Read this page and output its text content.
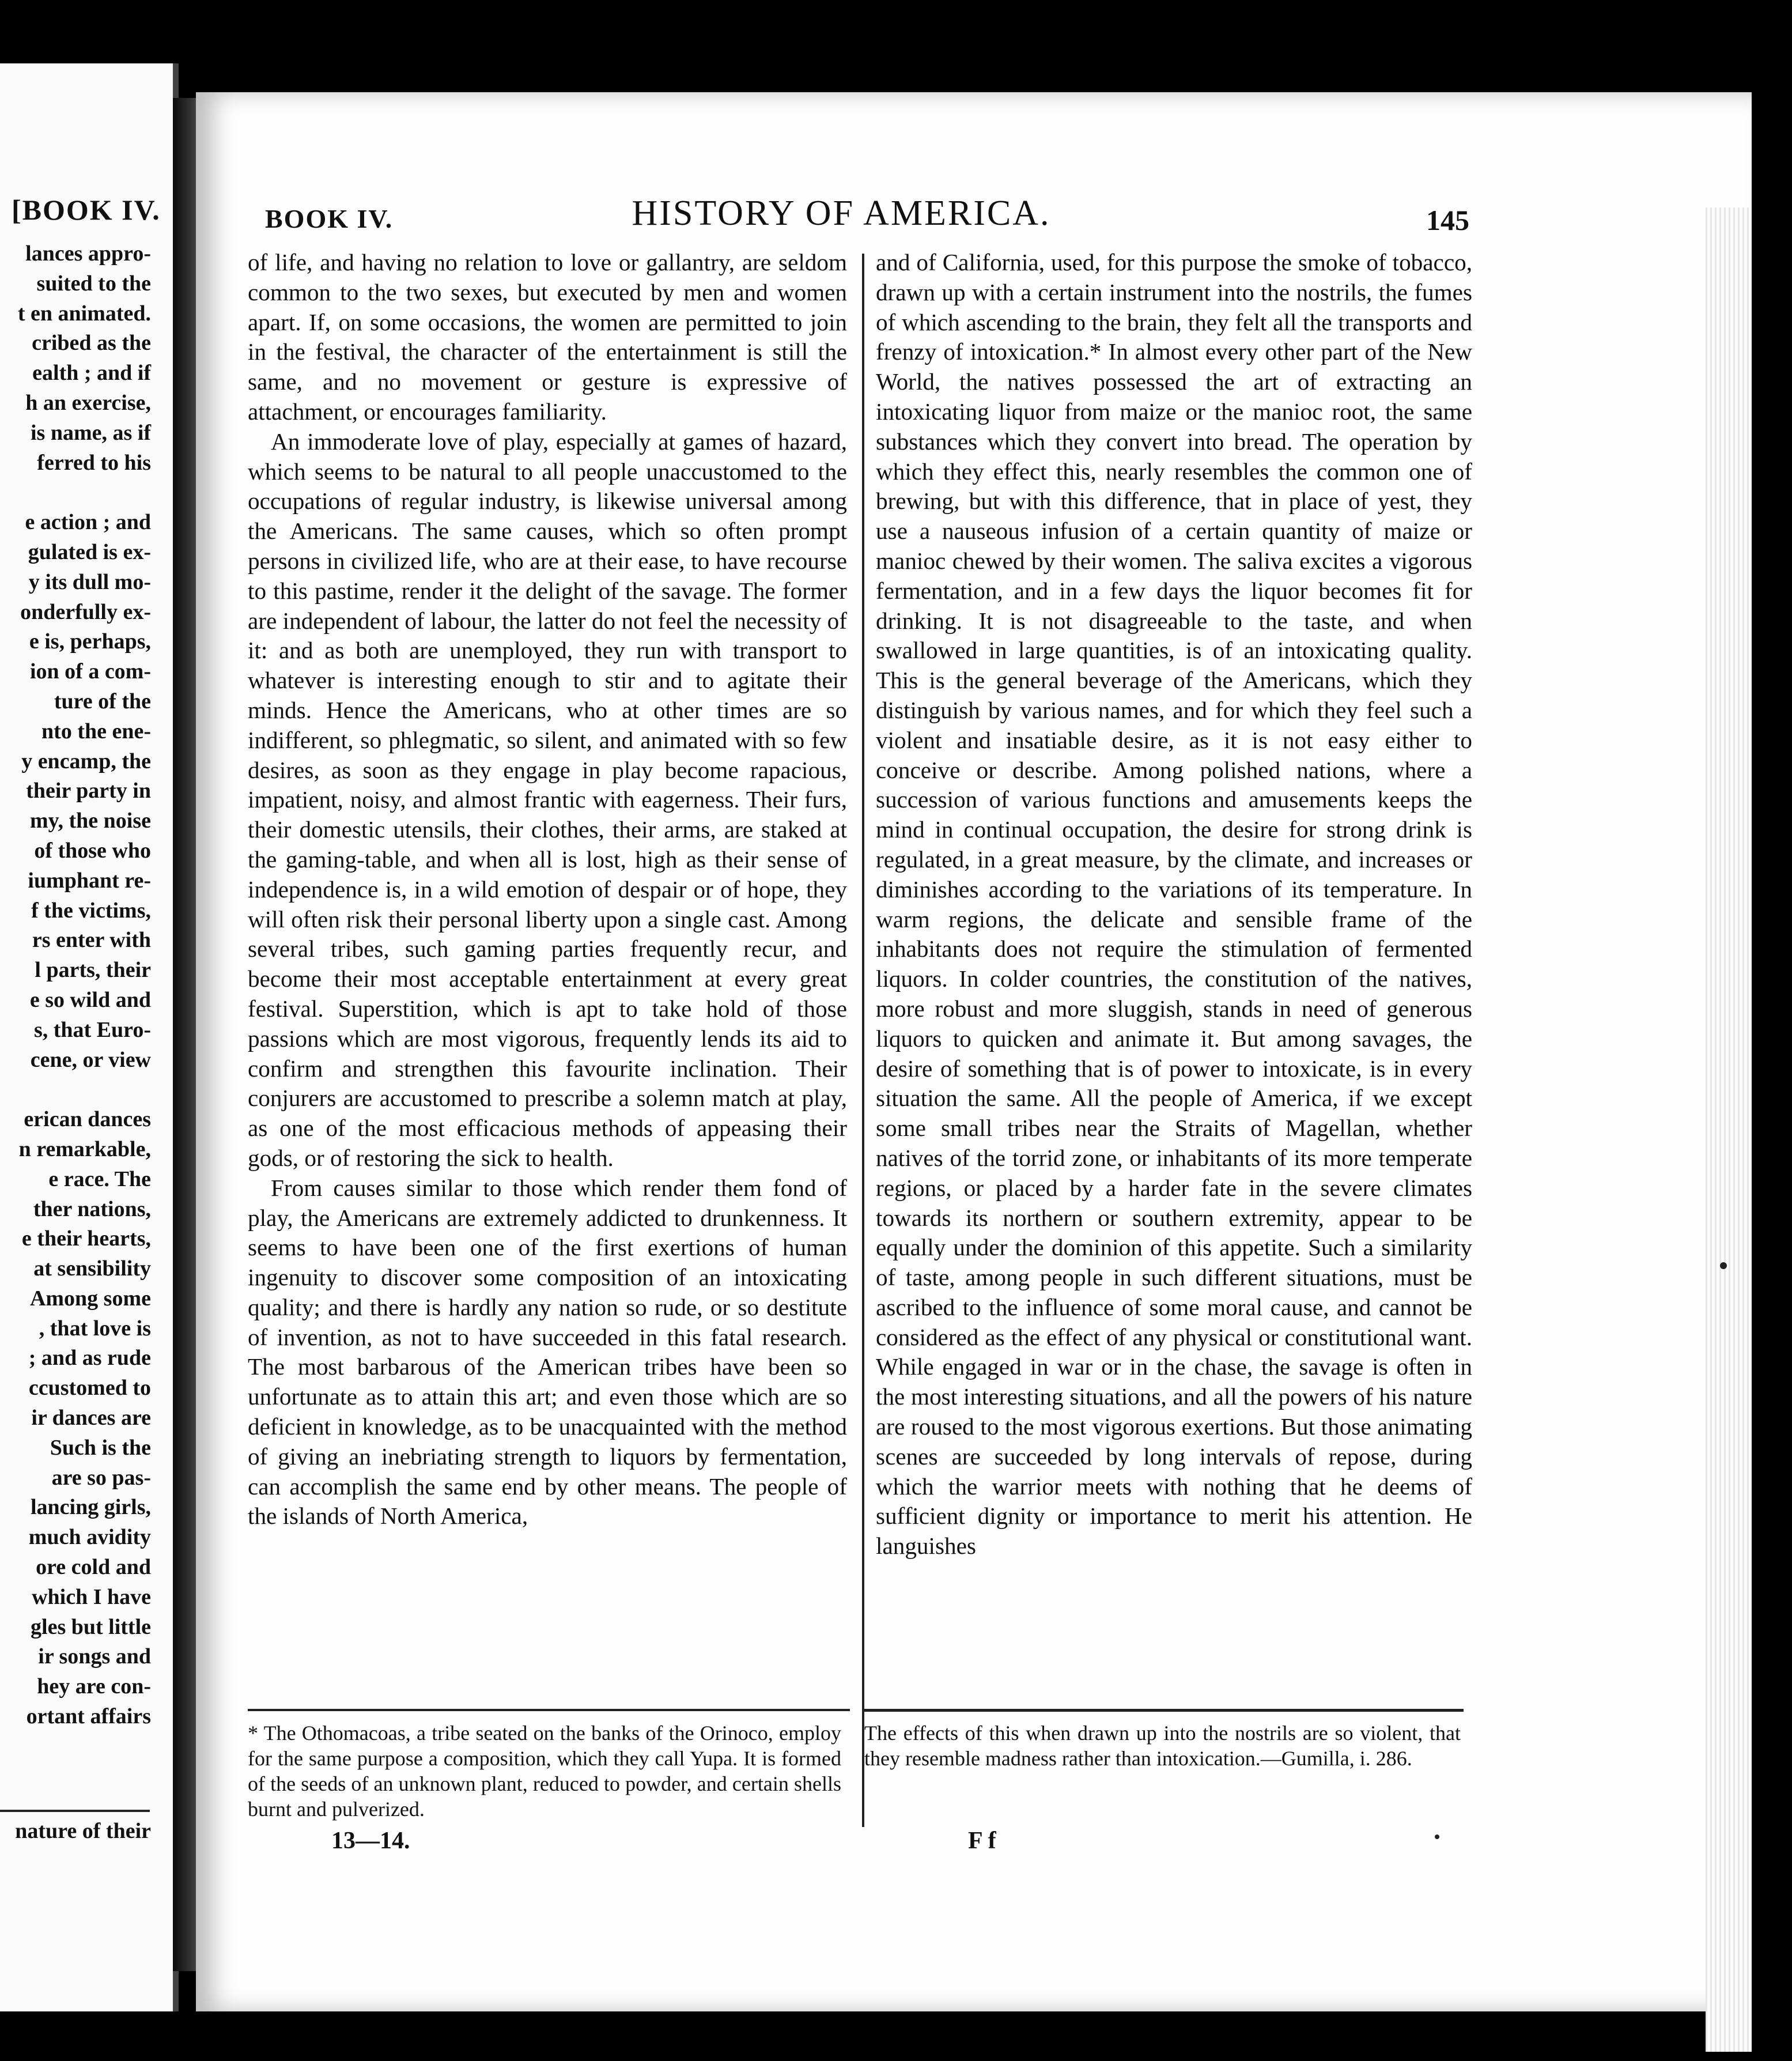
[BOOK IV.
lances appro-
suited to the
t en animated.
cribed as the
ealth ; and if
h an exercise,
is name, as if
ferred to his

e action ; and
gulated is ex-
y its dull mo-
onderfully ex-
e is, perhaps,
ion of a com-
ture of the
nto the ene-
y encamp, the
their party in
my, the noise
of those who
iumphant re-
f the victims,
rs enter with
l parts, their
e so wild and
s, that Euro-
cene, or view

erican dances
n remarkable,
e race. The
ther nations,
e their hearts,
at sensibility
Among some
, that love is
; and as rude
ccustomed to
ir dances are
Such is the
are so pas-
lancing girls,
much avidity
ore cold and
which I have
gles but little
ir songs and
hey are con-
ortant affairs
nature of their
BOOK IV.	HISTORY OF AMERICA.	145

of life, and having no relation to love or gallantry, are seldom common to the two sexes, but executed by men and women apart. If, on some occasions, the women are permitted to join in the festival, the character of the entertainment is still the same, and no movement or gesture is expressive of attachment, or encourages familiarity.

An immoderate love of play, especially at games of hazard, which seems to be natural to all people unaccustomed to the occupations of regular industry, is likewise universal among the Americans. The same causes, which so often prompt persons in civilized life, who are at their ease, to have recourse to this pastime, render it the delight of the savage. The former are independent of labour, the latter do not feel the necessity of it: and as both are unemployed, they run with transport to whatever is interesting enough to stir and to agitate their minds. Hence the Americans, who at other times are so indifferent, so phlegmatic, so silent, and animated with so few desires, as soon as they engage in play become rapacious, impatient, noisy, and almost frantic with eagerness. Their furs, their domestic utensils, their clothes, their arms, are staked at the gaming-table, and when all is lost, high as their sense of independence is, in a wild emotion of despair or of hope, they will often risk their personal liberty upon a single cast. Among several tribes, such gaming parties frequently recur, and become their most acceptable entertainment at every great festival. Superstition, which is apt to take hold of those passions which are most vigorous, frequently lends its aid to confirm and strengthen this favourite inclination. Their conjurers are accustomed to prescribe a solemn match at play, as one of the most efficacious methods of appeasing their gods, or of restoring the sick to health.

From causes similar to those which render them fond of play, the Americans are extremely addicted to drunkenness. It seems to have been one of the first exertions of human ingenuity to discover some composition of an intoxicating quality; and there is hardly any nation so rude, or so destitute of invention, as not to have succeeded in this fatal research. The most barbarous of the American tribes have been so unfortunate as to attain this art; and even those which are so deficient in knowledge, as to be unacquainted with the method of giving an inebriating strength to liquors by fermentation, can accomplish the same end by other means. The people of the islands of North America,

and of California, used, for this purpose the smoke of tobacco, drawn up with a certain instrument into the nostrils, the fumes of which ascending to the brain, they felt all the transports and frenzy of intoxication.* In almost every other part of the New World, the natives possessed the art of extracting an intoxicating liquor from maize or the manioc root, the same substances which they convert into bread. The operation by which they effect this, nearly resembles the common one of brewing, but with this difference, that in place of yest, they use a nauseous infusion of a certain quantity of maize or manioc chewed by their women. The saliva excites a vigorous fermentation, and in a few days the liquor becomes fit for drinking. It is not disagreeable to the taste, and when swallowed in large quantities, is of an intoxicating quality. This is the general beverage of the Americans, which they distinguish by various names, and for which they feel such a violent and insatiable desire, as it is not easy either to conceive or describe. Among polished nations, where a succession of various functions and amusements keeps the mind in continual occupation, the desire for strong drink is regulated, in a great measure, by the climate, and increases or diminishes according to the variations of its temperature. In warm regions, the delicate and sensible frame of the inhabitants does not require the stimulation of fermented liquors. In colder countries, the constitution of the natives, more robust and more sluggish, stands in need of generous liquors to quicken and animate it. But among savages, the desire of something that is of power to intoxicate, is in every situation the same. All the people of America, if we except some small tribes near the Straits of Magellan, whether natives of the torrid zone, or inhabitants of its more temperate regions, or placed by a harder fate in the severe climates towards its northern or southern extremity, appear to be equally under the dominion of this appetite. Such a similarity of taste, among people in such different situations, must be ascribed to the influence of some moral cause, and cannot be considered as the effect of any physical or constitutional want. While engaged in war or in the chase, the savage is often in the most interesting situations, and all the powers of his nature are roused to the most vigorous exertions. But those animating scenes are succeeded by long intervals of repose, during which the warrior meets with nothing that he deems of sufficient dignity or importance to merit his attention. He languishes

* The Othomacoas, a tribe seated on the banks of the Orinoco, employ for the same purpose a composition, which they call Yupa. It is formed of the seeds of an unknown plant, reduced to powder, and certain shells burnt and pulverized.

The effects of this when drawn up into the nostrils are so violent, that they resemble madness rather than intoxication.—Gumilla, i. 286.

13—14.	F f
